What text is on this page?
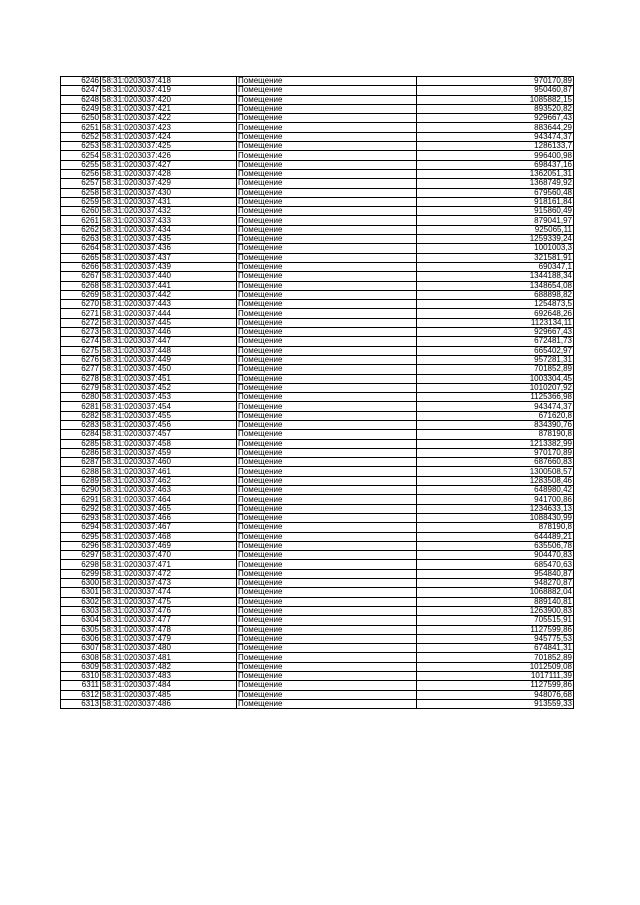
6246	58:31:0203037:418	Помещение	970170,89
6247	58:31:0203037:419	Помещение	950460,87
6248	58:31:0203037:420	Помещение	1085882,15
6249	58:31:0203037:421	Помещение	893520,82
6250	58:31:0203037:422	Помещение	929667,43
6251	58:31:0203037:423	Помещение	883644,29
6252	58:31:0203037:424	Помещение	943474,37
6253	58:31:0203037:425	Помещение	1286133,7
6254	58:31:0203037:426	Помещение	996400,98
6255	58:31:0203037:427	Помещение	698437,16
6256	58:31:0203037:428	Помещение	1362051,31
6257	58:31:0203037:429	Помещение	1368749,92
6258	58:31:0203037:430	Помещение	679560,48
6259	58:31:0203037:431	Помещение	918161,84
6260	58:31:0203037:432	Помещение	915860,49
6261	58:31:0203037:433	Помещение	879041,97
6262	58:31:0203037:434	Помещение	925065,11
6263	58:31:0203037:435	Помещение	1259339,24
6264	58:31:0203037:436	Помещение	1001003,3
6265	58:31:0203037:437	Помещение	321581,91
6266	58:31:0203037:439	Помещение	690347,1
6267	58:31:0203037:440	Помещение	1344188,34
6268	58:31:0203037:441	Помещение	1348654,08
6269	58:31:0203037:442	Помещение	688898,82
6270	58:31:0203037:443	Помещение	1254873,5
6271	58:31:0203037:444	Помещение	692648,26
6272	58:31:0203037:445	Помещение	1123134,11
6273	58:31:0203037:446	Помещение	929667,43
6274	58:31:0203037:447	Помещение	672481,73
6275	58:31:0203037:448	Помещение	665402,97
6276	58:31:0203037:449	Помещение	957281,31
6277	58:31:0203037:450	Помещение	701852,89
6278	58:31:0203037:451	Помещение	1003304,45
6279	58:31:0203037:452	Помещение	1010207,92
6280	58:31:0203037:453	Помещение	1125366,98
6281	58:31:0203037:454	Помещение	943474,37
6282	58:31:0203037:455	Помещение	671620,8
6283	58:31:0203037:456	Помещение	834390,76
6284	58:31:0203037:457	Помещение	878190,8
6285	58:31:0203037:458	Помещение	1213382,99
6286	58:31:0203037:459	Помещение	970170,89
6287	58:31:0203037:460	Помещение	687660,83
6288	58:31:0203037:461	Помещение	1300508,57
6289	58:31:0203037:462	Помещение	1283508,46
6290	58:31:0203037:463	Помещение	648980,42
6291	58:31:0203037:464	Помещение	941700,86
6292	58:31:0203037:465	Помещение	1234633,13
6293	58:31:0203037:466	Помещение	1088430,99
6294	58:31:0203037:467	Помещение	878190,8
6295	58:31:0203037:468	Помещение	644489,21
6296	58:31:0203037:469	Помещение	635506,78
6297	58:31:0203037:470	Помещение	904470,83
6298	58:31:0203037:471	Помещение	685470,63
6299	58:31:0203037:472	Помещение	954840,87
6300	58:31:0203037:473	Помещение	948270,87
6301	58:31:0203037:474	Помещение	1068882,04
6302	58:31:0203037:475	Помещение	889140,81
6303	58:31:0203037:476	Помещение	1263900,83
6304	58:31:0203037:477	Помещение	705515,91
6305	58:31:0203037:478	Помещение	1127599,86
6306	58:31:0203037:479	Помещение	945775,53
6307	58:31:0203037:480	Помещение	674841,31
6308	58:31:0203037:481	Помещение	701852,89
6309	58:31:0203037:482	Помещение	1012509,08
6310	58:31:0203037:483	Помещение	1017111,39
6311	58:31:0203037:484	Помещение	1127599,86
6312	58:31:0203037:485	Помещение	948076,68
6313	58:31:0203037:486	Помещение	913559,33
